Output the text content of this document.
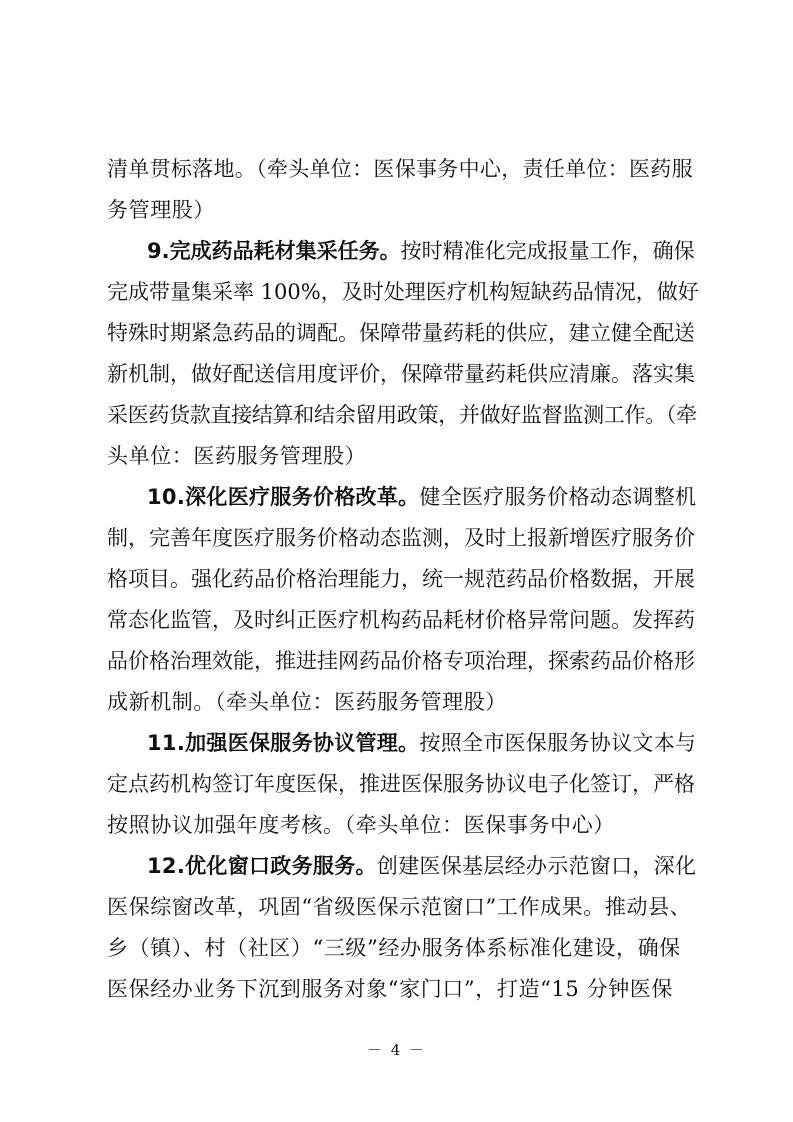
清单贯标落地。（牵头单位：医保事务中心，责任单位：医药服
务管理股）
9.完成药品耗材集采任务。按时精准化完成报量工作，确保
完成带量集采率 100%，及时处理医疗机构短缺药品情况，做好
特殊时期紧急药品的调配。保障带量药耗的供应，建立健全配送
新机制，做好配送信用度评价，保障带量药耗供应清廉。落实集
采医药货款直接结算和结余留用政策，并做好监督监测工作。（牵
头单位：医药服务管理股）
10.深化医疗服务价格改革。健全医疗服务价格动态调整机
制，完善年度医疗服务价格动态监测，及时上报新增医疗服务价
格项目。强化药品价格治理能力，统一规范药品价格数据，开展
常态化监管，及时纠正医疗机构药品耗材价格异常问题。发挥药
品价格治理效能，推进挂网药品价格专项治理，探索药品价格形
成新机制。（牵头单位：医药服务管理股）
11.加强医保服务协议管理。按照全市医保服务协议文本与
定点药机构签订年度医保，推进医保服务协议电子化签订，严格
按照协议加强年度考核。（牵头单位：医保事务中心）
12.优化窗口政务服务。创建医保基层经办示范窗口，深化
医保综窗改革，巩固“省级医保示范窗口”工作成果。推动县、
乡（镇）、村（社区）“三级”经办服务体系标准化建设，确保
医保经办业务下沉到服务对象“家门口”，打造“15 分钟医保
－ 4 －
